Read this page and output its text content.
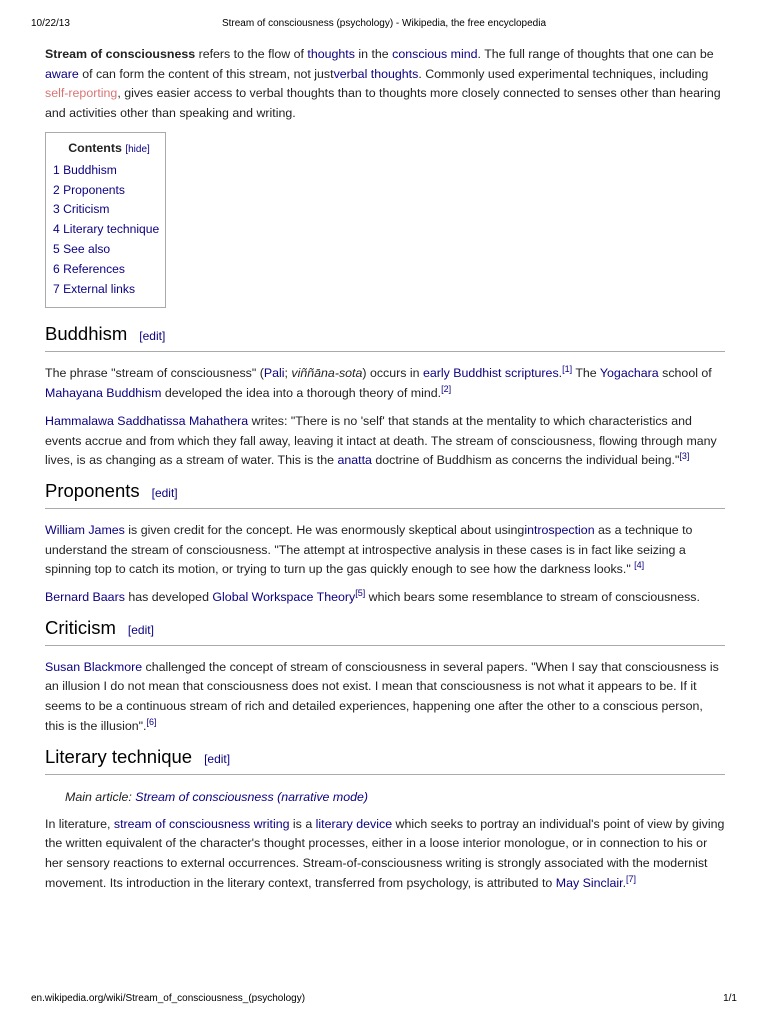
10/22/13	Stream of consciousness (psychology) - Wikipedia, the free encyclopedia

Stream of consciousness refers to the flow of thoughts in the conscious mind. The full range of thoughts that one can be aware of can form the content of this stream, not justverbal thoughts. Commonly used experimental techniques, including self-reporting, gives easier access to verbal thoughts than to thoughts more closely connected to senses other than hearing and activities other than speaking and writing.

Contents [hide]
1 Buddhism
2 Proponents
3 Criticism
4 Literary technique
5 See also
6 References
7 External links
Buddhism [edit]

The phrase "stream of consciousness" (Pali; viññāna-sota) occurs in early Buddhist scriptures.[1] The Yogachara school of Mahayana Buddhism developed the idea into a thorough theory of mind.[2]

Hammalawa Saddhatissa Mahathera writes: "There is no 'self' that stands at the mentality to which characteristics and events accrue and from which they fall away, leaving it intact at death. The stream of consciousness, flowing through many lives, is as changing as a stream of water. This is the anatta doctrine of Buddhism as concerns the individual being."[3]

Proponents [edit]

William James is given credit for the concept. He was enormously skeptical about usingintrospection as a technique to understand the stream of consciousness. "The attempt at introspective analysis in these cases is in fact like seizing a spinning top to catch its motion, or trying to turn up the gas quickly enough to see how the darkness looks." [4]

Bernard Baars has developed Global Workspace Theory[5] which bears some resemblance to stream of consciousness.

Criticism [edit]

Susan Blackmore challenged the concept of stream of consciousness in several papers. "When I say that consciousness is an illusion I do not mean that consciousness does not exist. I mean that consciousness is not what it appears to be. If it seems to be a continuous stream of rich and detailed experiences, happening one after the other to a conscious person, this is the illusion".[6]

Literary technique [edit]
Main article: Stream of consciousness (narrative mode)

In literature, stream of consciousness writing is a literary device which seeks to portray an individual's point of view by giving the written equivalent of the character's thought processes, either in a loose interior monologue, or in connection to his or her sensory reactions to external occurrences. Stream-of-consciousness writing is strongly associated with the modernist movement. Its introduction in the literary context, transferred from psychology, is attributed to May Sinclair.[7]

en.wikipedia.org/wiki/Stream_of_consciousness_(psychology)	1/1
